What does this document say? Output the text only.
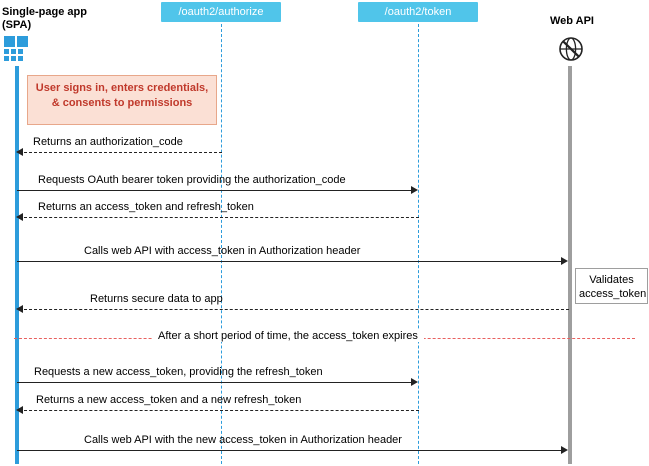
Single-page app
(SPA)
/oauth2/authorize	/oauth2/token
Web API
User signs in, enters credentials, & consents to permissions
Returns an authorization_code
Requests OAuth bearer token providing the authorization_code
Returns an access_token and refresh_token
Calls web API with access_token in Authorization header
Validates access_token
Returns secure data to app
After a short period of time, the access_token expires
Requests a new access_token, providing the refresh_token
Returns a new access_token and a new refresh_token
Calls web API with the new access_token in Authorization header
